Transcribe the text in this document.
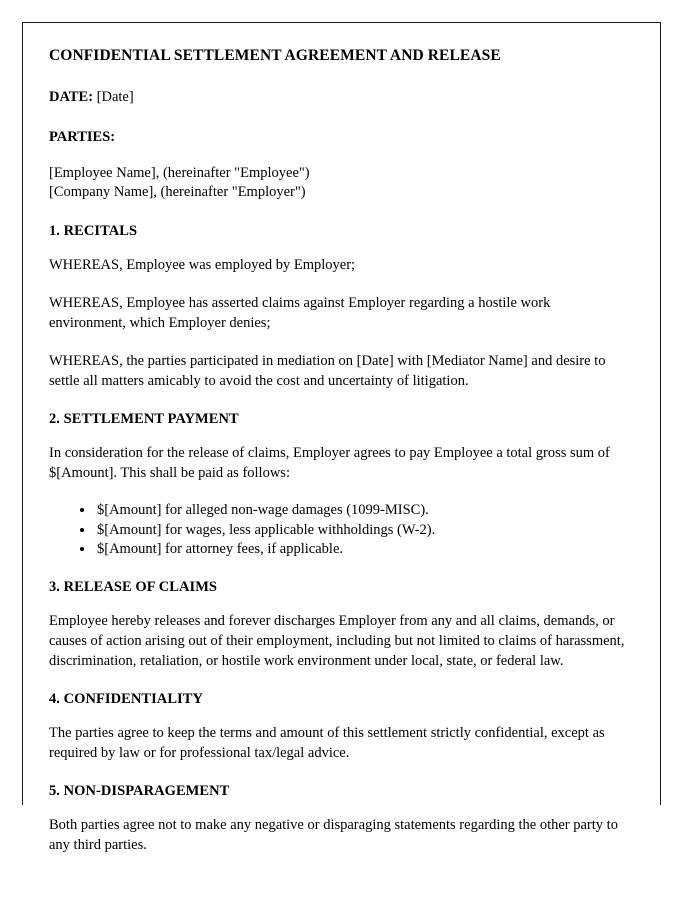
CONFIDENTIAL SETTLEMENT AGREEMENT AND RELEASE

DATE: [Date]

PARTIES:
[Employee Name], (hereinafter "Employee")
[Company Name], (hereinafter "Employer")
1. RECITALS

WHEREAS, Employee was employed by Employer;

WHEREAS, Employee has asserted claims against Employer regarding a hostile work environment, which Employer denies;

WHEREAS, the parties participated in mediation on [Date] with [Mediator Name] and desire to settle all matters amicably to avoid the cost and uncertainty of litigation.

2. SETTLEMENT PAYMENT

In consideration for the release of claims, Employer agrees to pay Employee a total gross sum of $[Amount]. This shall be paid as follows:

• $[Amount] for alleged non-wage damages (1099-MISC).
• $[Amount] for wages, less applicable withholdings (W-2).
• $[Amount] for attorney fees, if applicable.
3. RELEASE OF CLAIMS

Employee hereby releases and forever discharges Employer from any and all claims, demands, or causes of action arising out of their employment, including but not limited to claims of harassment, discrimination, retaliation, or hostile work environment under local, state, or federal law.

4. CONFIDENTIALITY

The parties agree to keep the terms and amount of this settlement strictly confidential, except as required by law or for professional tax/legal advice.

5. NON-DISPARAGEMENT

Both parties agree not to make any negative or disparaging statements regarding the other party to any third parties.
